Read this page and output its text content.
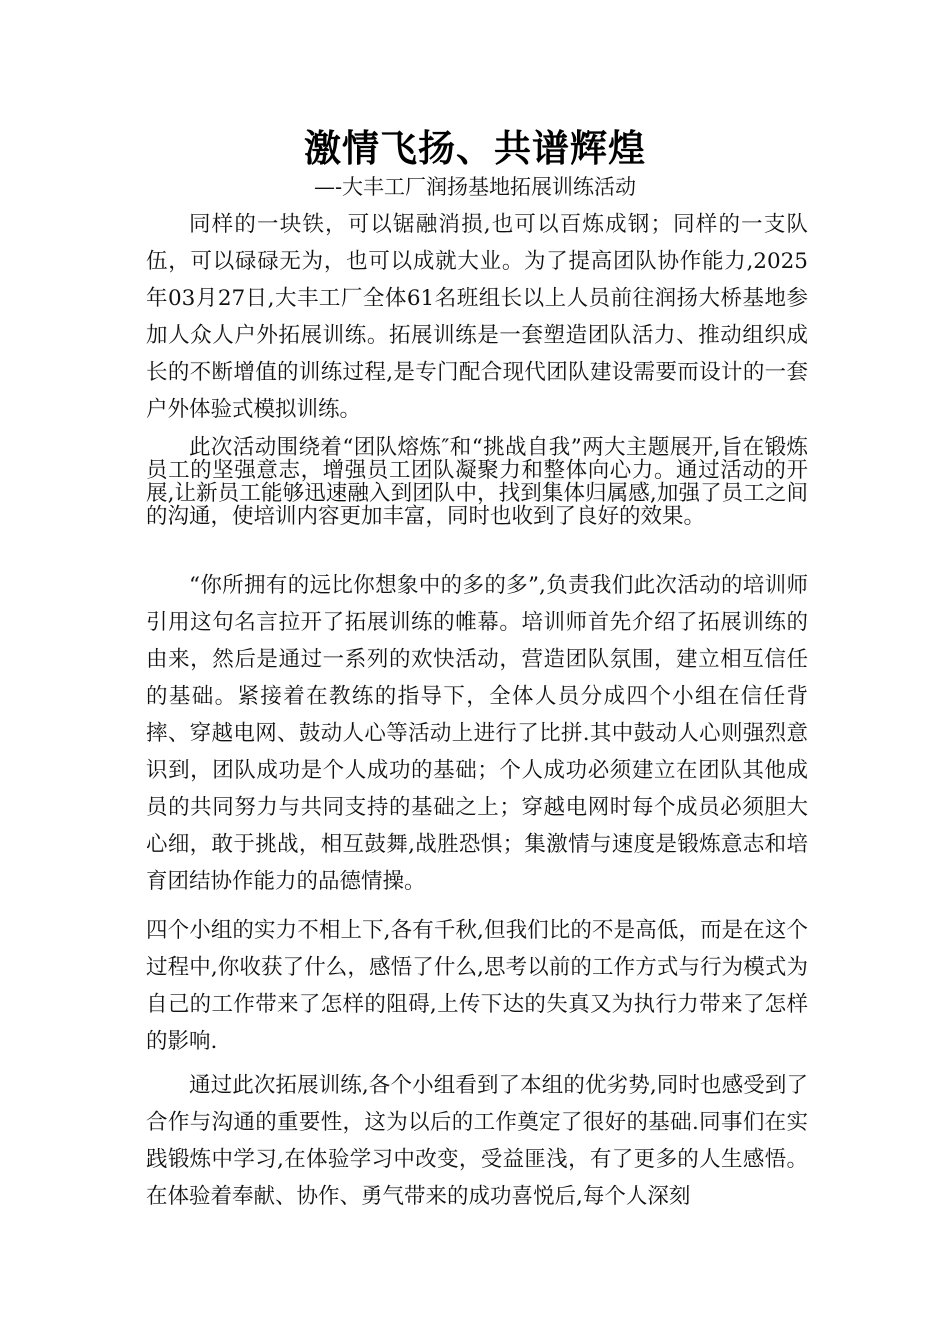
激情飞扬、共谱辉煌
—-大丰工厂润扬基地拓展训练活动

同样的一块铁，可以锯融消损,也可以百炼成钢；同样的一支队伍，可以碌碌无为，也可以成就大业。为了提高团队协作能力,2025年03月27日,大丰工厂全体61名班组长以上人员前往润扬大桥基地参加人众人户外拓展训练。拓展训练是一套塑造团队活力、推动组织成长的不断增值的训练过程,是专门配合现代团队建设需要而设计的一套户外体验式模拟训练。

此次活动围绕着“团队熔炼″和“挑战自我”两大主题展开,旨在锻炼员工的坚强意志，增强员工团队凝聚力和整体向心力。通过活动的开展,让新员工能够迅速融入到团队中，找到集体归属感,加强了员工之间的沟通，使培训内容更加丰富，同时也收到了良好的效果。

“你所拥有的远比你想象中的多的多”,负责我们此次活动的培训师引用这句名言拉开了拓展训练的帷幕。培训师首先介绍了拓展训练的由来，然后是通过一系列的欢快活动，营造团队氛围，建立相互信任的基础。紧接着在教练的指导下，全体人员分成四个小组在信任背摔、穿越电网、鼓动人心等活动上进行了比拼.其中鼓动人心则强烈意识到，团队成功是个人成功的基础；个人成功必须建立在团队其他成员的共同努力与共同支持的基础之上；穿越电网时每个成员必须胆大心细，敢于挑战，相互鼓舞,战胜恐惧；集激情与速度是锻炼意志和培育团结协作能力的品德情操。

四个小组的实力不相上下,各有千秋,但我们比的不是高低，而是在这个过程中,你收获了什么，感悟了什么,思考以前的工作方式与行为模式为自己的工作带来了怎样的阻碍,上传下达的失真又为执行力带来了怎样的影响.

通过此次拓展训练,各个小组看到了本组的优劣势,同时也感受到了合作与沟通的重要性，这为以后的工作奠定了很好的基础.同事们在实践锻炼中学习,在体验学习中改变，受益匪浅，有了更多的人生感悟。在体验着奉献、协作、勇气带来的成功喜悦后,每个人深刻
